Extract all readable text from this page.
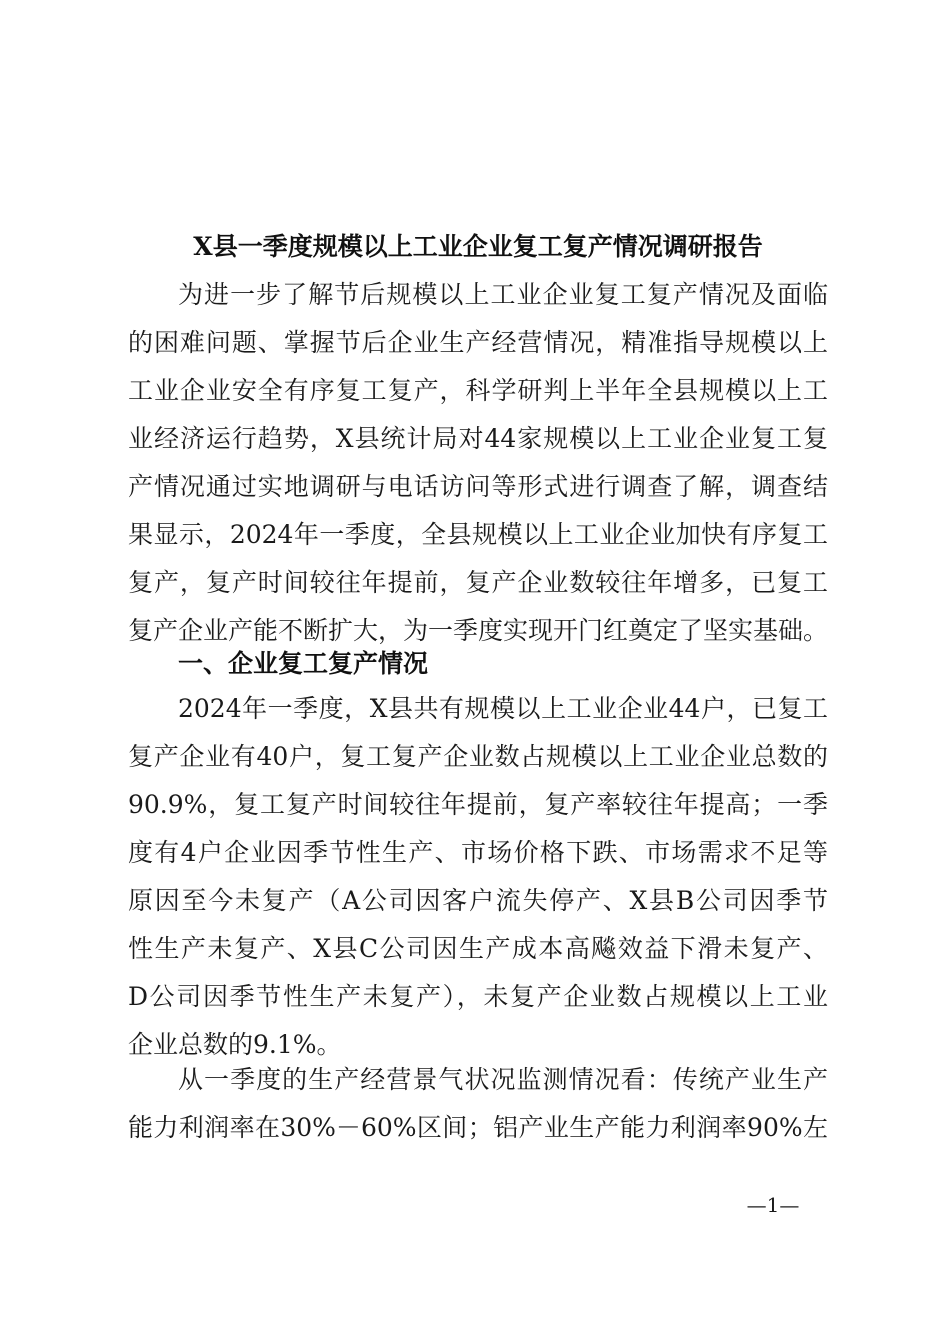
X县一季度规模以上工业企业复工复产情况调研报告
为进一步了解节后规模以上工业企业复工复产情况及面临
的困难问题、掌握节后企业生产经营情况，精准指导规模以上
工业企业安全有序复工复产，科学研判上半年全县规模以上工
业经济运行趋势，X县统计局对44家规模以上工业企业复工复
产情况通过实地调研与电话访问等形式进行调查了解，调查结
果显示，2024年一季度，全县规模以上工业企业加快有序复工
复产，复产时间较往年提前，复产企业数较往年增多，已复工
复产企业产能不断扩大，为一季度实现开门红奠定了坚实基础。
一、企业复工复产情况
2024年一季度，X县共有规模以上工业企业44户，已复工
复产企业有40户，复工复产企业数占规模以上工业企业总数的
90.9%，复工复产时间较往年提前，复产率较往年提高；一季
度有4户企业因季节性生产、市场价格下跌、市场需求不足等
原因至今未复产（A公司因客户流失停产、X县B公司因季节
性生产未复产、X县C公司因生产成本高飚效益下滑未复产、
D公司因季节性生产未复产），未复产企业数占规模以上工业
企业总数的9.1%。
从一季度的生产经营景气状况监测情况看：传统产业生产
能力利润率在30%－60%区间；铝产业生产能力利润率90%左
—1—
